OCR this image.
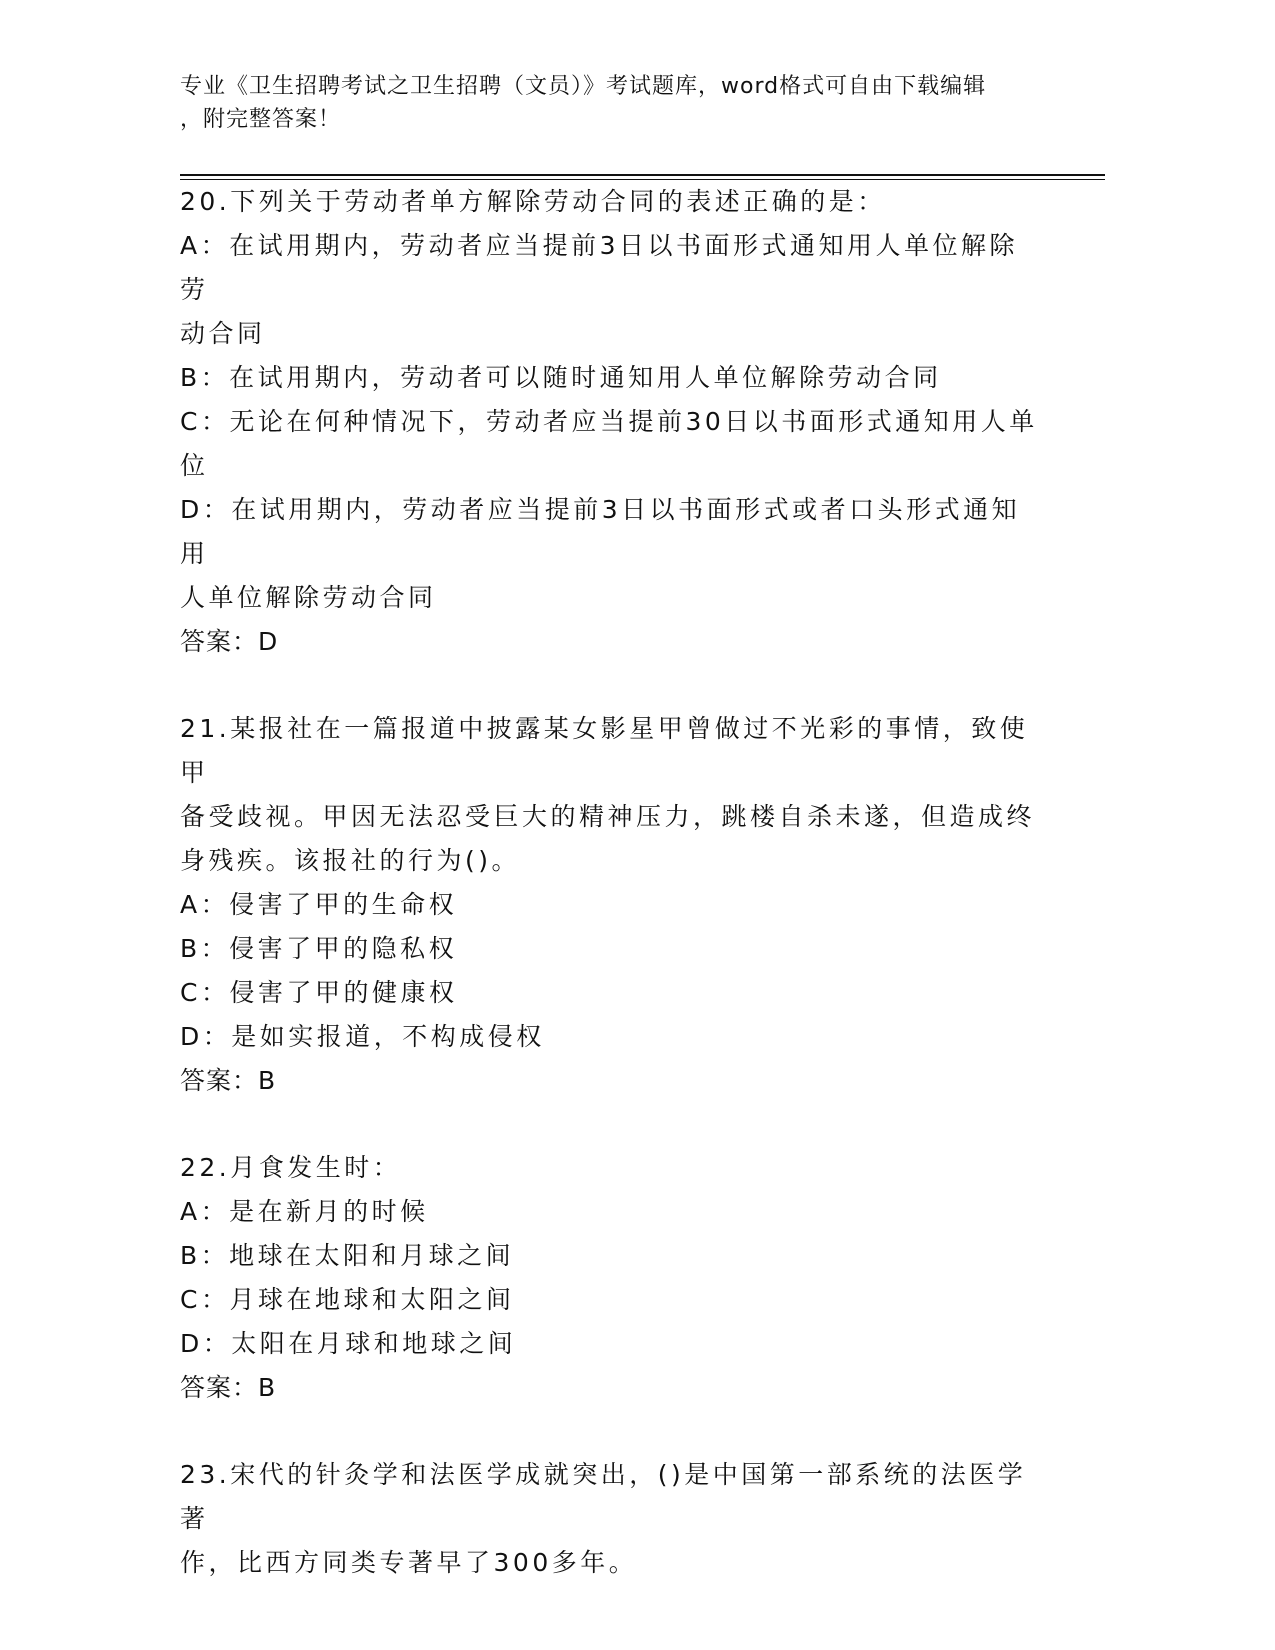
专业《卫生招聘考试之卫生招聘（文员）》考试题库，word格式可自由下载编辑
，附完整答案！
20.下列关于劳动者单方解除劳动合同的表述正确的是：
A：在试用期内，劳动者应当提前3日以书面形式通知用人单位解除劳
动合同
B：在试用期内，劳动者可以随时通知用人单位解除劳动合同
C：无论在何种情况下，劳动者应当提前30日以书面形式通知用人单
位
D：在试用期内，劳动者应当提前3日以书面形式或者口头形式通知用
人单位解除劳动合同
答案：D
21.某报社在一篇报道中披露某女影星甲曾做过不光彩的事情，致使甲
备受歧视。甲因无法忍受巨大的精神压力，跳楼自杀未遂，但造成终
身残疾。该报社的行为()。
A：侵害了甲的生命权
B：侵害了甲的隐私权
C：侵害了甲的健康权
D：是如实报道，不构成侵权
答案：B
22.月食发生时：
A：是在新月的时候
B：地球在太阳和月球之间
C：月球在地球和太阳之间
D：太阳在月球和地球之间
答案：B
23.宋代的针灸学和法医学成就突出，()是中国第一部系统的法医学著
作，比西方同类专著早了300多年。
